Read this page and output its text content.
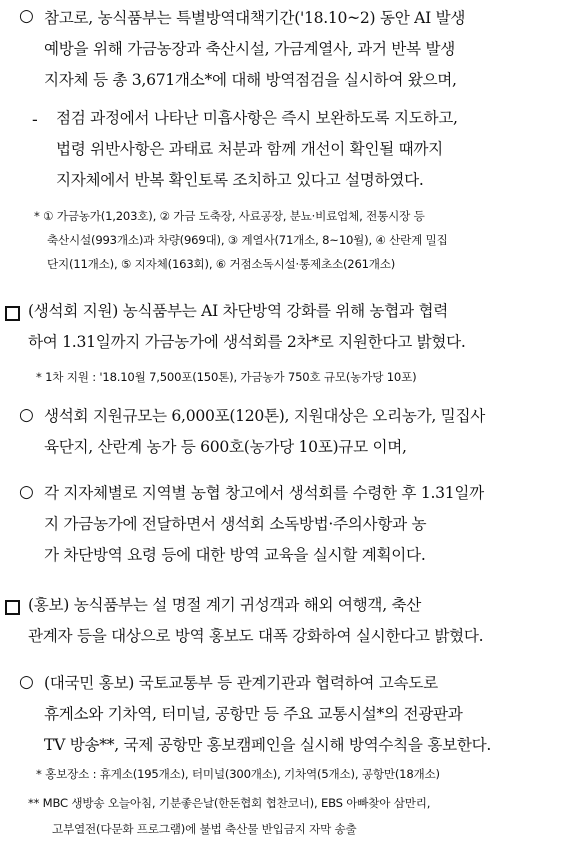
○ 참고로, 농식품부는 특별방역대책기간('18.10~2) 동안 AI 발생
예방을 위해 가금농장과 축산시설, 가금계열사, 과거 반복 발생
지자체 등 총 3,671개소*에 대해 방역점검을 실시하여 왔으며,
- 점검 과정에서 나타난 미흡사항은 즉시 보완하도록 지도하고,
법령 위반사항은 과태료 처분과 함께 개선이 확인될 때까지
지자체에서 반복 확인토록 조치하고 있다고 설명하였다.
* ① 가금농가(1,203호), ② 가금 도축장, 사료공장, 분뇨·비료업체, 전통시장 등
축산시설(993개소)과 차량(969대), ③ 계열사(71개소, 8~10월), ④ 산란계 밀집
단지(11개소), ⑤ 지자체(163회), ⑥ 거점소독시설·통제초소(261개소)
(생석회 지원) 농식품부는 AI 차단방역 강화를 위해 농협과 협력
하여 1.31일까지 가금농가에 생석회를 2차*로 지원한다고 밝혔다.
* 1차 지원 : '18.10월 7,500포(150톤), 가금농가 750호 규모(농가당 10포)
○ 생석회 지원규모는 6,000포(120톤), 지원대상은 오리농가, 밀집사
육단지, 산란계 농가 등 600호(농가당 10포)규모 이며,
○ 각 지자체별로 지역별 농협 창고에서 생석회를 수령한 후 1.31일까
지 가금농가에 전달하면서 생석회 소독방법·주의사항과 농
가 차단방역 요령 등에 대한 방역 교육을 실시할 계획이다.
(홍보) 농식품부는 설 명절 계기 귀성객과 해외 여행객, 축산
관계자 등을 대상으로 방역 홍보도 대폭 강화하여 실시한다고 밝혔다.
○ (대국민 홍보) 국토교통부 등 관계기관과 협력하여 고속도로
휴게소와 기차역, 터미널, 공항만 등 주요 교통시설*의 전광판과
TV 방송**, 국제 공항만 홍보캠페인을 실시해 방역수칙을 홍보한다.
* 홍보장소 : 휴게소(195개소), 터미널(300개소), 기차역(5개소), 공항만(18개소)
** MBC 생방송 오늘아침, 기분좋은날(한돈협회 협찬코너), EBS 아빠찾아 삼만리,
고부열전(다문화 프로그램)에 불법 축산물 반입금지 자막 송출
